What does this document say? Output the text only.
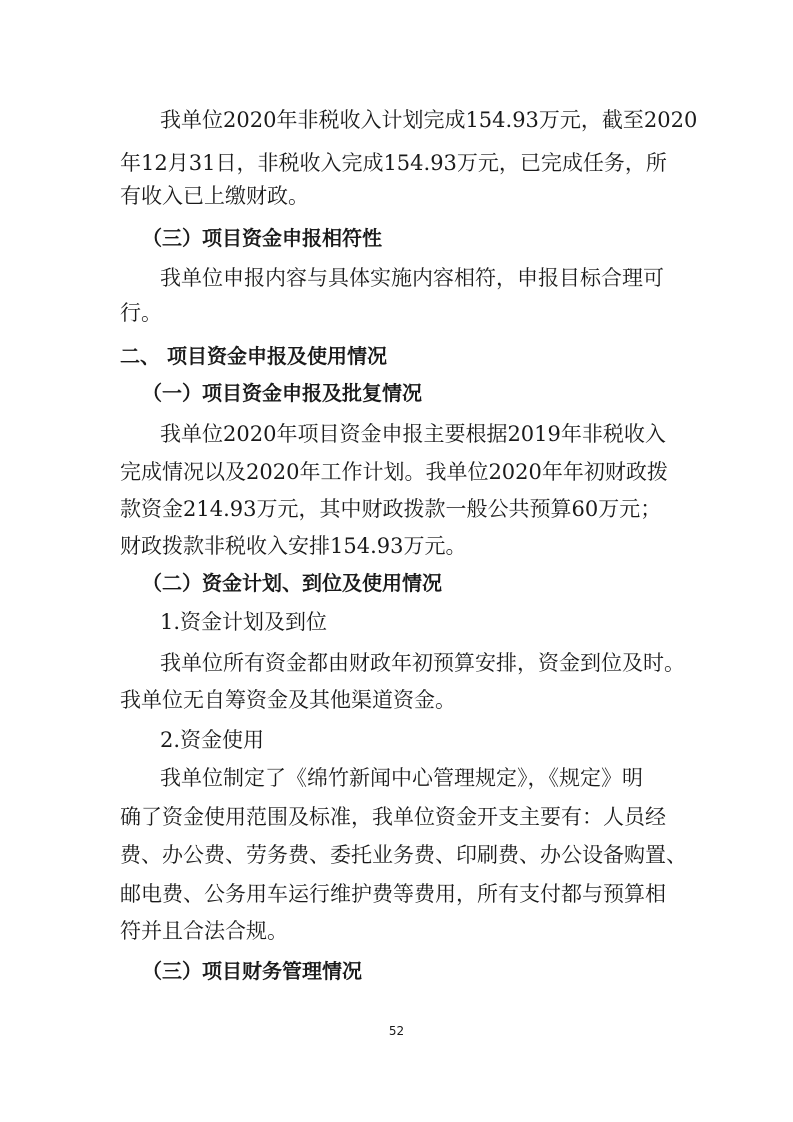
我单位2020年非税收入计划完成154.93万元，截至2020
年12月31日，非税收入完成154.93万元，已完成任务，所
有收入已上缴财政。
（三）项目资金申报相符性
我单位申报内容与具体实施内容相符，申报目标合理可
行。
二、 项目资金申报及使用情况
（一）项目资金申报及批复情况
我单位2020年项目资金申报主要根据2019年非税收入
完成情况以及2020年工作计划。我单位2020年年初财政拨
款资金214.93万元，其中财政拨款一般公共预算60万元；
财政拨款非税收入安排154.93万元。
（二）资金计划、到位及使用情况
1.资金计划及到位
我单位所有资金都由财政年初预算安排，资金到位及时。
我单位无自筹资金及其他渠道资金。
2.资金使用
我单位制定了《绵竹新闻中心管理规定》，《规定》明
确了资金使用范围及标准，我单位资金开支主要有：人员经
费、办公费、劳务费、委托业务费、印刷费、办公设备购置、
邮电费、公务用车运行维护费等费用，所有支付都与预算相
符并且合法合规。
（三）项目财务管理情况
52
